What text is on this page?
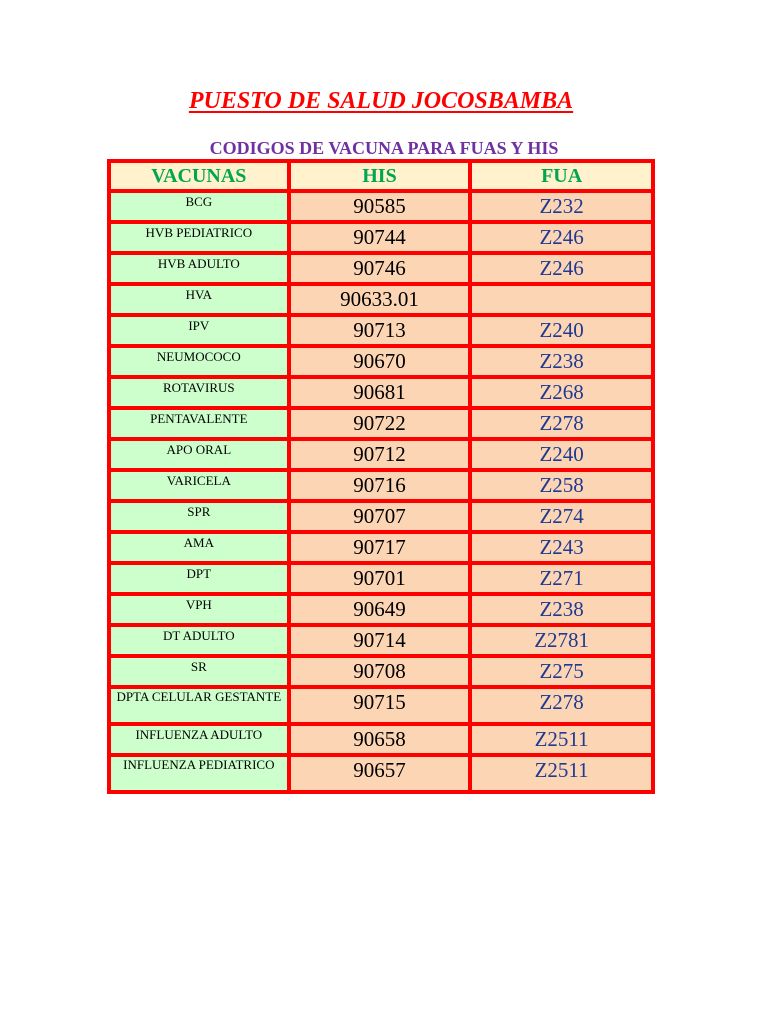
PUESTO DE SALUD JOCOSBAMBA
CODIGOS DE VACUNA PARA FUAS Y HIS
VACUNAS	HIS	FUA
BCG	90585	Z232
HVB PEDIATRICO	90744	Z246
HVB ADULTO	90746	Z246
HVA	90633.01	
IPV	90713	Z240
NEUMOCOCO	90670	Z238
ROTAVIRUS	90681	Z268
PENTAVALENTE	90722	Z278
APO ORAL	90712	Z240
VARICELA	90716	Z258
SPR	90707	Z274
AMA	90717	Z243
DPT	90701	Z271
VPH	90649	Z238
DT ADULTO	90714	Z2781
SR	90708	Z275
DPTA CELULAR GESTANTE	90715	Z278
INFLUENZA ADULTO	90658	Z2511
INFLUENZA PEDIATRICO	90657	Z2511
